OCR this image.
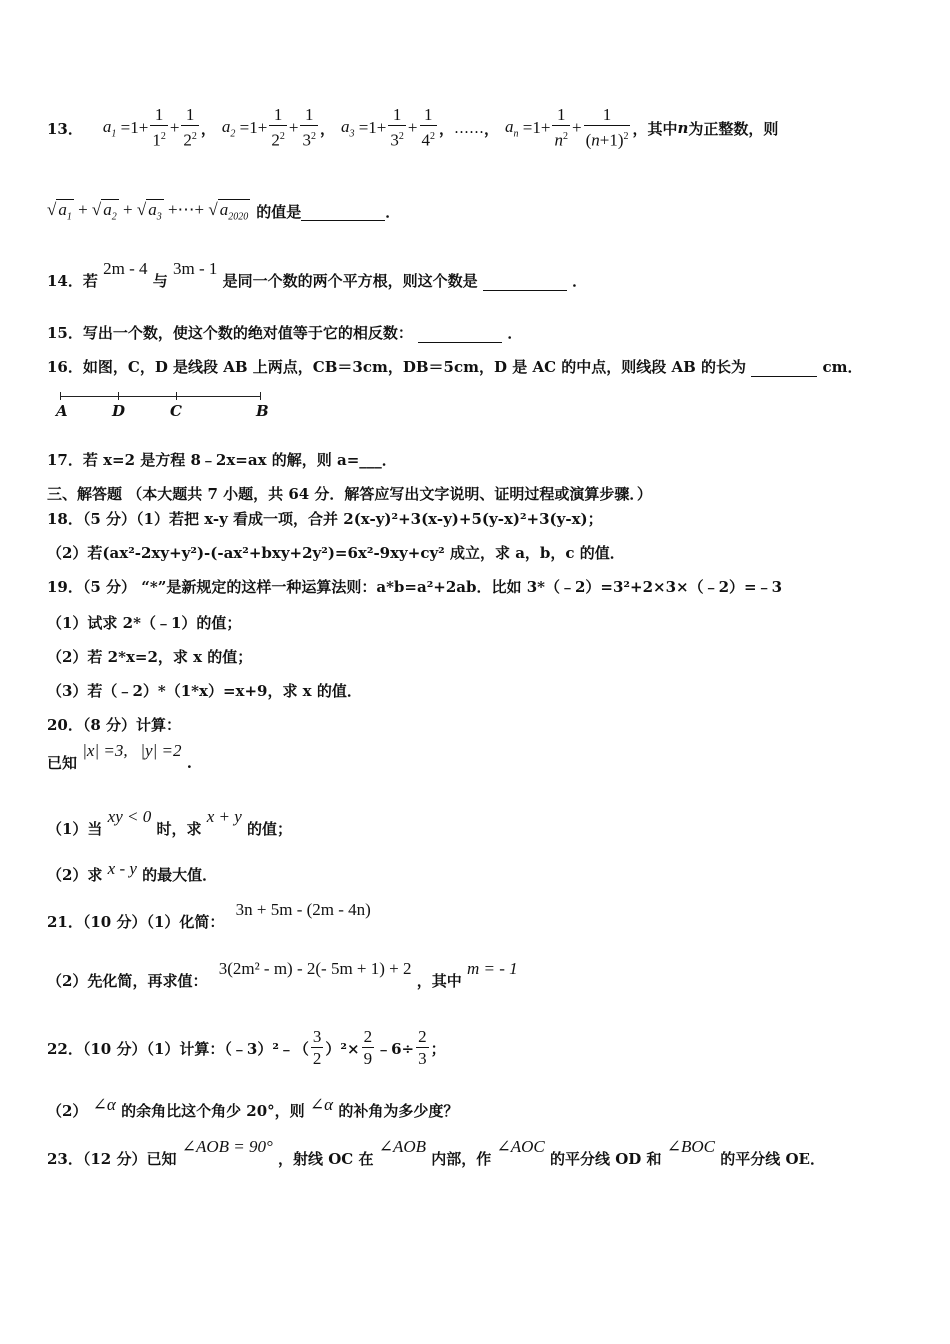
13． $a_1 =1+ \frac{1}{1^2} + \frac{1}{2^2}$ ， $a_2 =1+ \frac{1}{2^2} + \frac{1}{3^2}$ ， $a_3 =1+ \frac{1}{3^2} + \frac{1}{4^2}$ ， …… ， $a_n =1+ \frac{1}{n^2} + \frac{1}{(n+1)^2}$ ，其中 n 为正整数，则
√ $a_1$ + √ $a_2$ + √ $a_3$ +⋯+ √ $a_{2020}$ 的值是
	．
14．若 2m - 4 与 3m - 1 是同一个数的两个平方根，则这个数是	．
15．写出一个数，使这个数的绝对值等于它的相反数：	．
16．如图，C，D 是线段 AB 上两点，CB＝3cm，DB＝5cm，D 是 AC 的中点，则线段 AB 的长为	cm．
A	D	C	B
17．若 x=2 是方程 8﹣2x=ax 的解，则 a=___．
三、解答题 （本大题共 7 小题，共 64 分．解答应写出文字说明、证明过程或演算步骤．）
18．（5 分）（1）若把 x-y 看成一项，合并 2(x-y)²+3(x-y)+5(y-x)²+3(y-x)；
（2）若(ax²-2xy+y²)-(-ax²+bxy+2y²)=6x²-9xy+cy² 成立，求 a，b，c 的值．
19．（5 分） “*”是新规定的这样一种运算法则：a*b=a²+2ab．比如 3*（﹣2）=3²+2×3×（﹣2）=﹣3
（1）试求 2*（﹣1）的值；
（2）若 2*x=2，求 x 的值；
（3）若（﹣2）*（1*x）=x+9，求 x 的值．
20．（8 分）计算：
已知 |x| =3,   |y| =2 .
（1）当 xy < 0 时，求 x + y 的值；
（2）求 x - y 的最大值．
21．（10 分）（1）化简： 3n + 5m - (2m - 4n)
（2）先化简，再求值： 3(2m² - m) - 2(- 5m + 1) + 2 ，其中 m = - 1
22．（10 分）（1）计算：（﹣3）²﹣（ $\frac{3}{2} )^2\times \frac{2}{9}$ ﹣6÷ $\frac{2}{3}$ ；
（2） ∠α 的余角比这个角少 20°，则 ∠α 的补角为多少度？
23．（12 分）已知 ∠AOB = 90° ，射线 OC 在 ∠AOB 内部，作 ∠AOC 的平分线 OD 和 ∠BOC 的平分线 OE．
